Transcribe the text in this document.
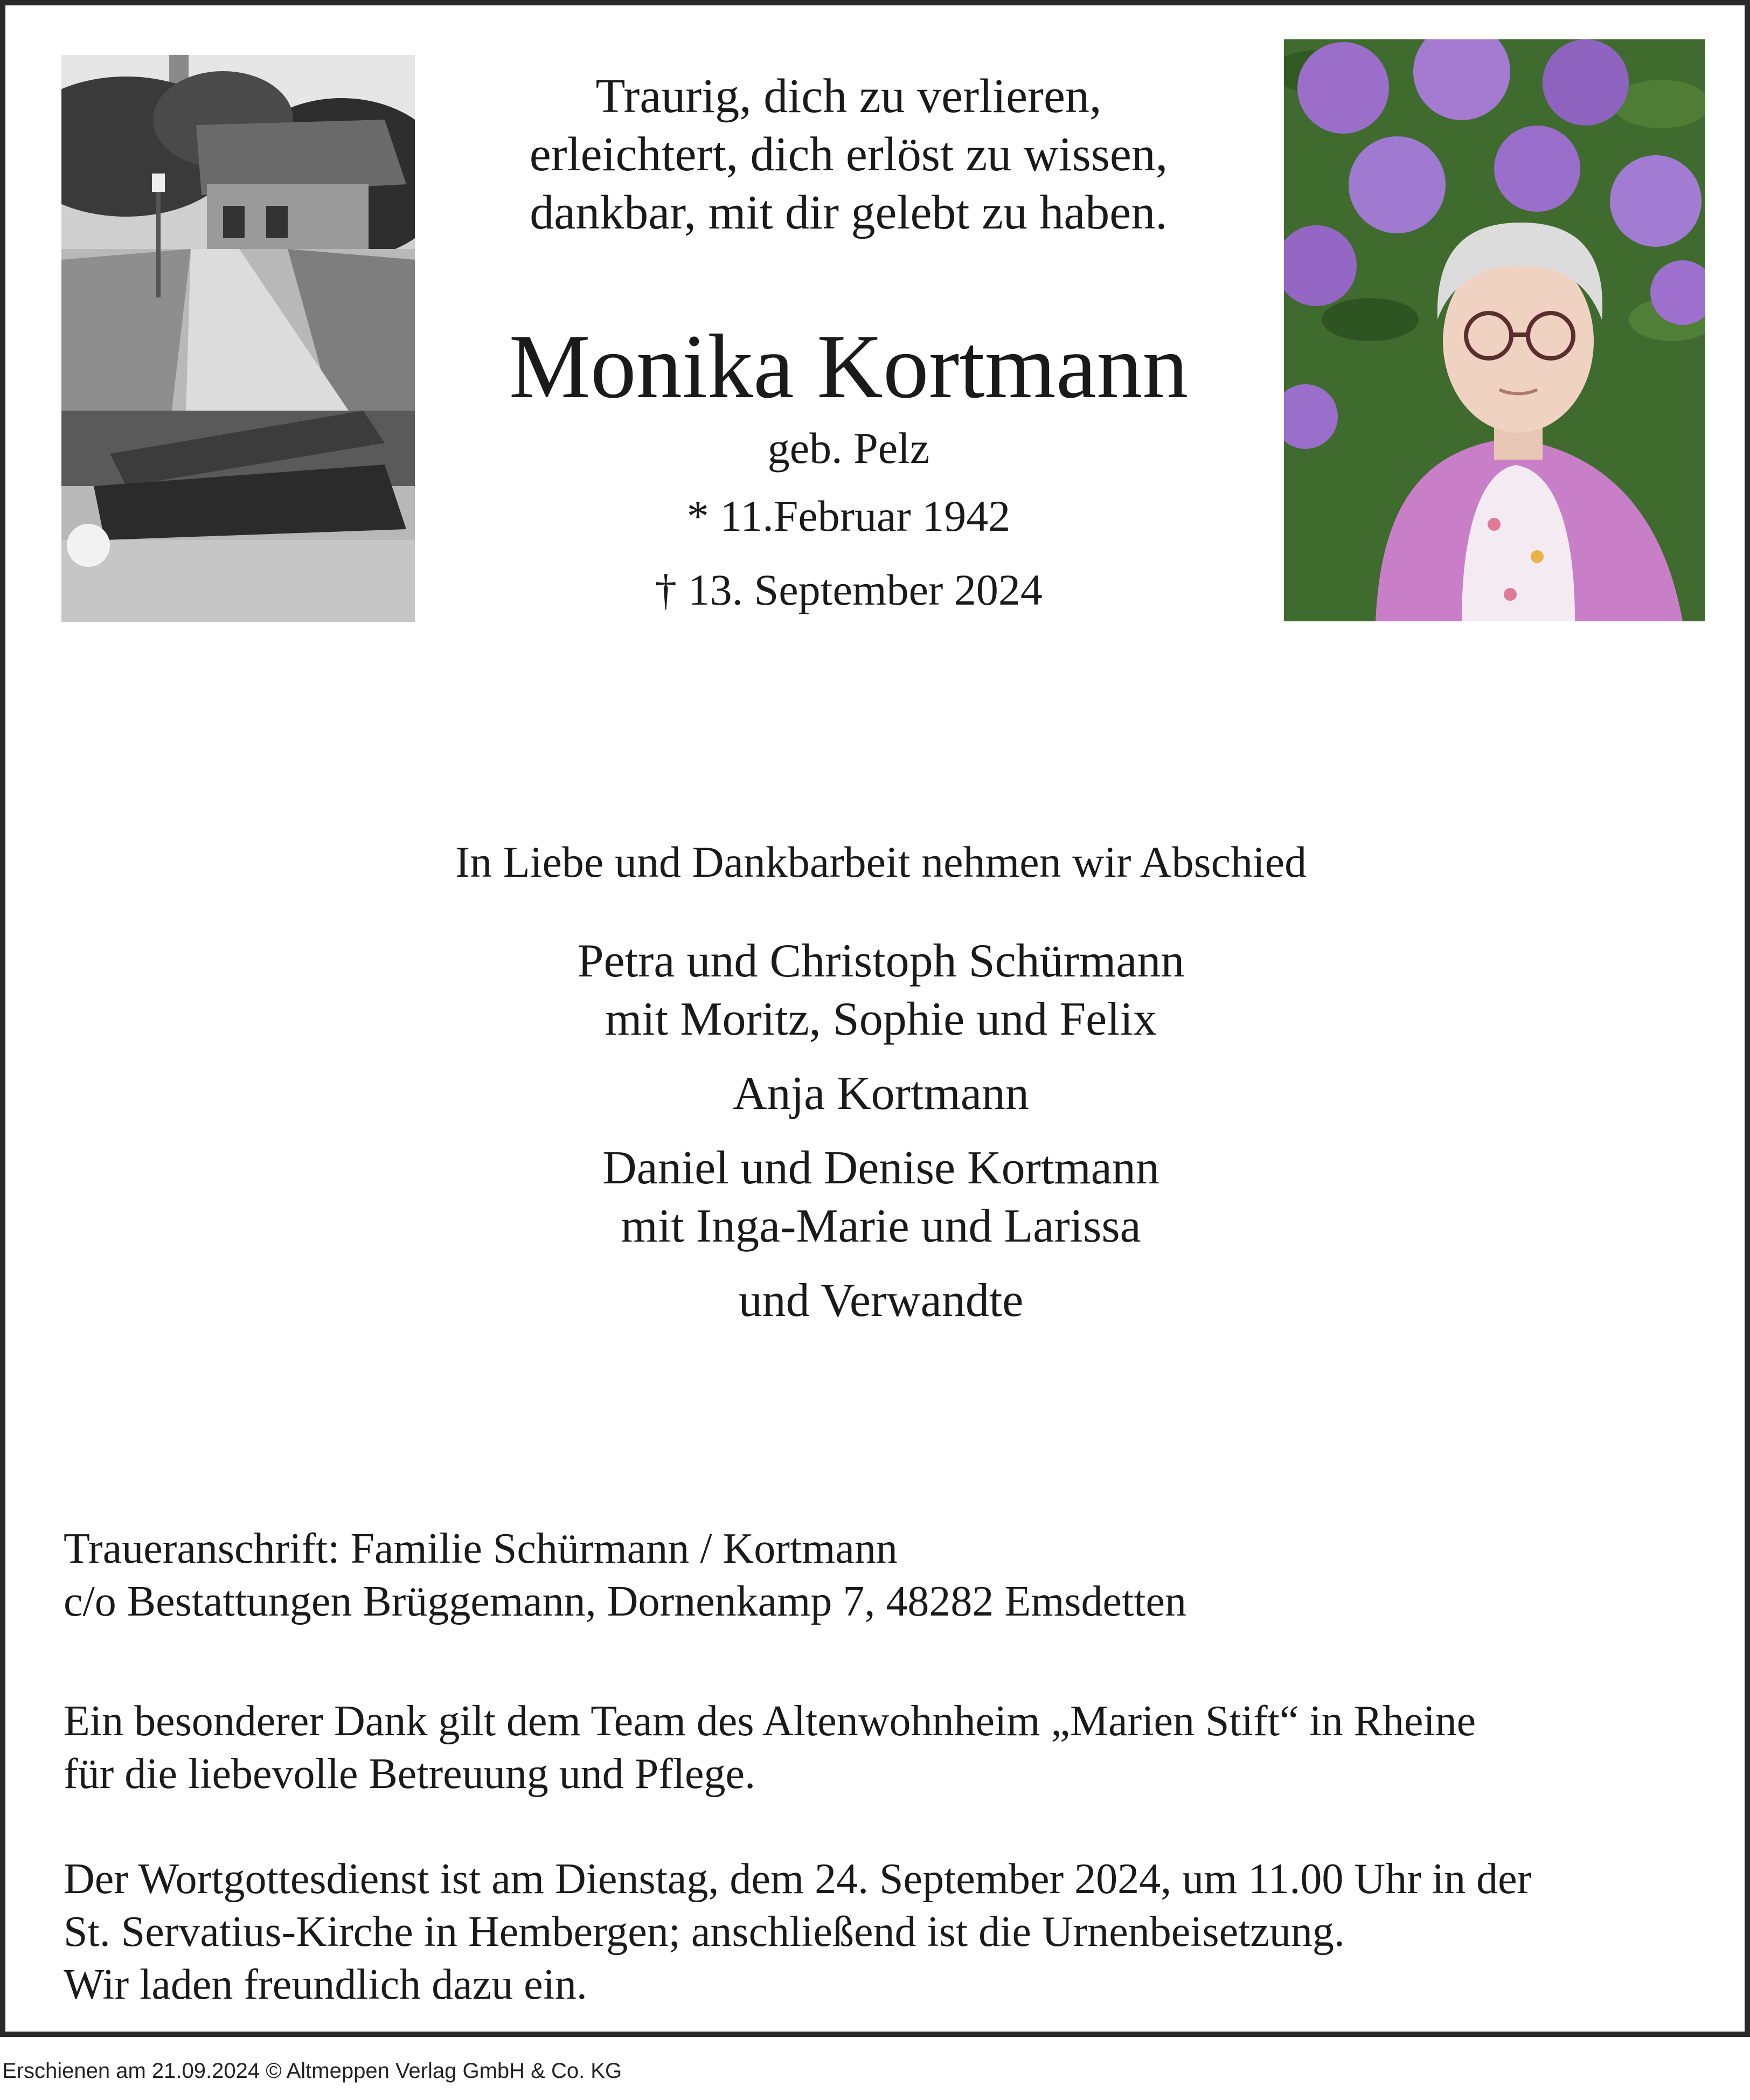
Traurig, dich zu verlieren,
erleichtert, dich erlöst zu wissen,
dankbar, mit dir gelebt zu haben.
Monika Kortmann
geb. Pelz
* 11.Februar 1942
† 13. September 2024
In Liebe und Dankbarbeit nehmen wir Abschied
Petra und Christoph Schürmann
mit Moritz, Sophie und Felix
Anja Kortmann
Daniel und Denise Kortmann
mit Inga-Marie und Larissa
und Verwandte
Traueranschrift: Familie Schürmann / Kortmann
c/o Bestattungen Brüggemann, Dornenkamp 7, 48282 Emsdetten
Ein besonderer Dank gilt dem Team des Altenwohnheim „Marien Stift“ in Rheine
für die liebevolle Betreuung und Pflege.
Der Wortgottesdienst ist am Dienstag, dem 24. September 2024, um 11.00 Uhr in der
St. Servatius-Kirche in Hembergen; anschließend ist die Urnenbeisetzung.
Wir laden freundlich dazu ein.
Erschienen am 21.09.2024 © Altmeppen Verlag GmbH & Co. KG
